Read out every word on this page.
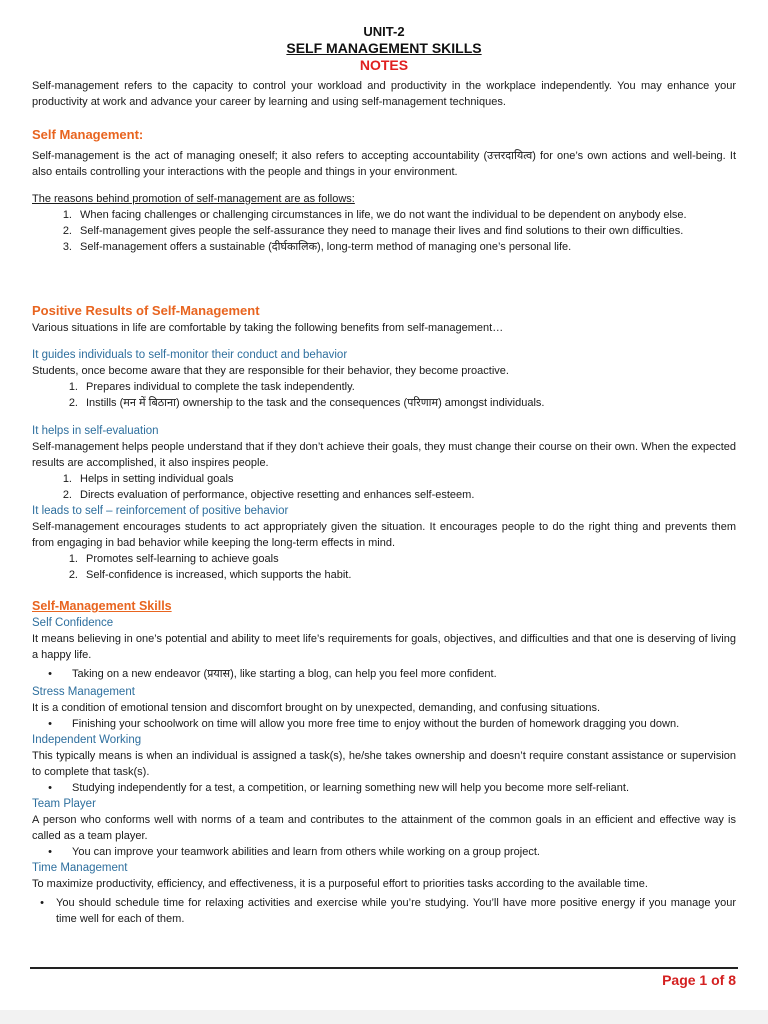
UNIT-2
SELF MANAGEMENT SKILLS
NOTES

Self-management refers to the capacity to control your workload and productivity in the workplace independently. You may enhance your productivity at work and advance your career by learning and using self-management techniques.

Self Management:

Self-management is the act of managing oneself; it also refers to accepting accountability (उत्तरदायित्व) for one’s own actions and well-being. It also entails controlling your interactions with the people and things in your environment.

The reasons behind promotion of self-management are as follows:

1. When facing challenges or challenging circumstances in life, we do not want the individual to be dependent on anybody else.
2. Self-management gives people the self-assurance they need to manage their lives and find solutions to their own difficulties.
3. Self-management offers a sustainable (दीर्घकालिक), long-term method of managing one’s personal life.
Positive Results of Self-Management

Various situations in life are comfortable by taking the following benefits from self-management…

It guides individuals to self-monitor their conduct and behavior

Students, once become aware that they are responsible for their behavior, they become proactive.

1. Prepares individual to complete the task independently.
2. Instills (मन में बिठाना) ownership to the task and the consequences (परिणाम) amongst individuals.
It helps in self-evaluation

Self-management helps people understand that if they don’t achieve their goals, they must change their course on their own. When the expected results are accomplished, it also inspires people.

1. Helps in setting individual goals
2. Directs evaluation of performance, objective resetting and enhances self-esteem.
It leads to self – reinforcement of positive behavior

Self-management encourages students to act appropriately given the situation. It encourages people to do the right thing and prevents them from engaging in bad behavior while keeping the long-term effects in mind.

1. Promotes self-learning to achieve goals
2. Self-confidence is increased, which supports the habit.
Self-Management Skills
Self Confidence

It means believing in one’s potential and ability to meet life’s requirements for goals, objectives, and difficulties and that one is deserving of living a happy life.

•	Taking on a new endeavor (प्रयास), like starting a blog, can help you feel more confident.
Stress Management

It is a condition of emotional tension and discomfort brought on by unexpected, demanding, and confusing situations.

•	Finishing your schoolwork on time will allow you more free time to enjoy without the burden of homework dragging you down.
Independent Working

This typically means is when an individual is assigned a task(s), he/she takes ownership and doesn’t require constant assistance or supervision to complete that task(s).

•	Studying independently for a test, a competition, or learning something new will help you become more self-reliant.
Team Player

A person who conforms well with norms of a team and contributes to the attainment of the common goals in an efficient and effective way is called as a team player.

•	You can improve your teamwork abilities and learn from others while working on a group project.
Time Management

To maximize productivity, efficiency, and effectiveness, it is a purposeful effort to priorities tasks according to the available time.

•	You should schedule time for relaxing activities and exercise while you’re studying. You’ll have more positive energy if you manage your time well for each of them.
Page 1 of 8
